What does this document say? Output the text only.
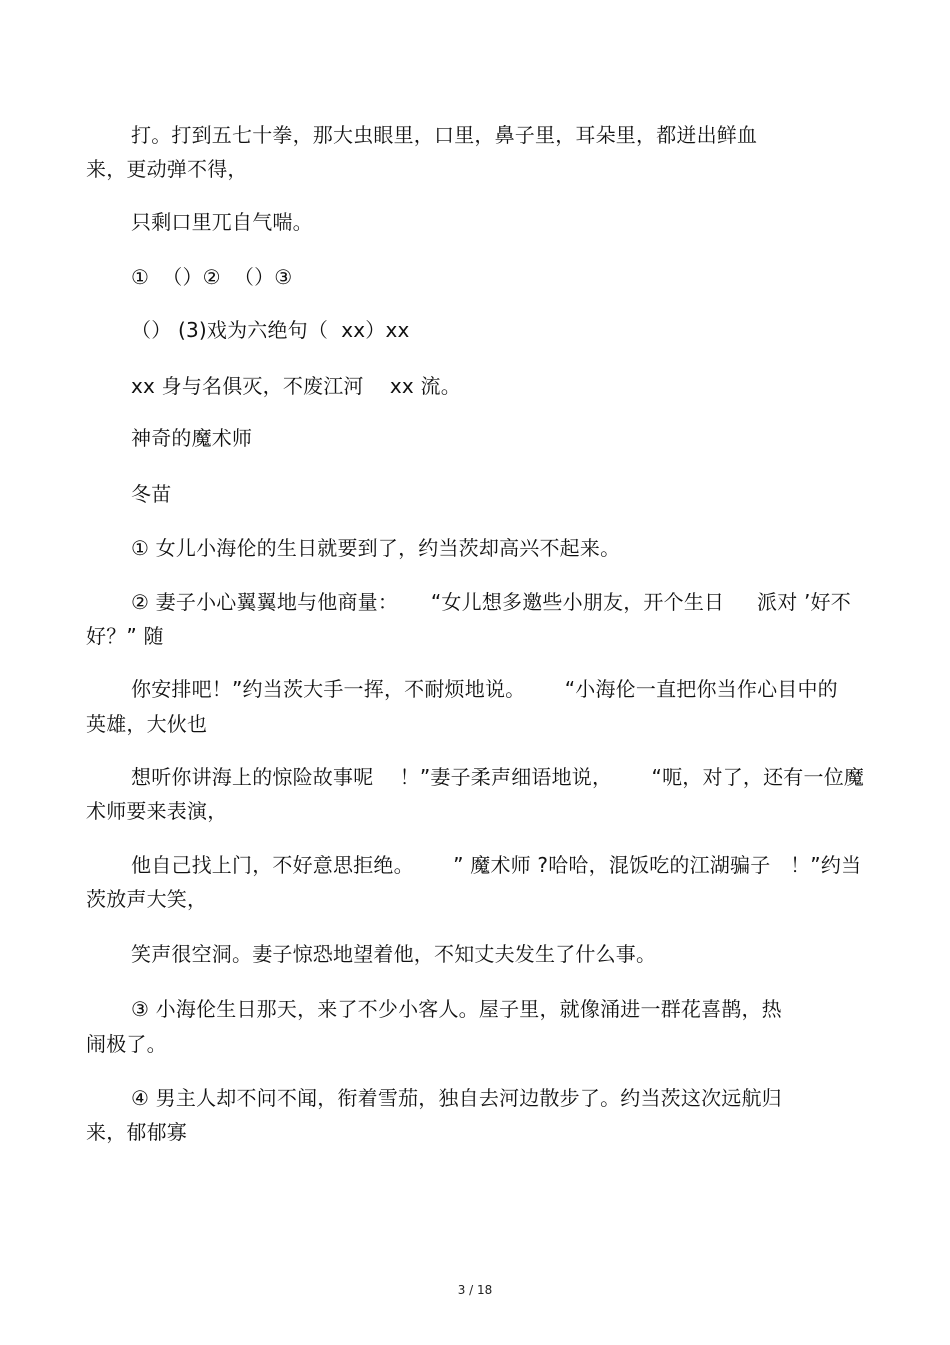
打。打到五七十拳，那大虫眼里，口里，鼻子里，耳朵里，都迸出鲜血
来，更动弹不得，
只剩口里兀自气喘。
①  （）②  （）③
（） (3)戏为六绝句（  xx）xx
xx 身与名俱灭，不废江河    xx 流。
神奇的魔术师
冬苗
① 女儿小海伦的生日就要到了，约当茨却高兴不起来。
② 妻子小心翼翼地与他商量：     “女儿想多邀些小朋友，开个生日     派对 ’好不
好？” 随
你安排吧！”约当茨大手一挥，不耐烦地说。      “小海伦一直把你当作心目中的
英雄，大伙也
想听你讲海上的惊险故事呢    ！”妻子柔声细语地说，      “呃，对了，还有一位魔
术师要来表演，
他自己找上门，不好意思拒绝。      ” 魔术师 ?哈哈，混饭吃的江湖骗子   ！”约当
茨放声大笑，
笑声很空洞。妻子惊恐地望着他，不知丈夫发生了什么事。
③ 小海伦生日那天，来了不少小客人。屋子里，就像涌进一群花喜鹊，热
闹极了。
④ 男主人却不问不闻，衔着雪茄，独自去河边散步了。约当茨这次远航归
来，郁郁寡
3 / 18
